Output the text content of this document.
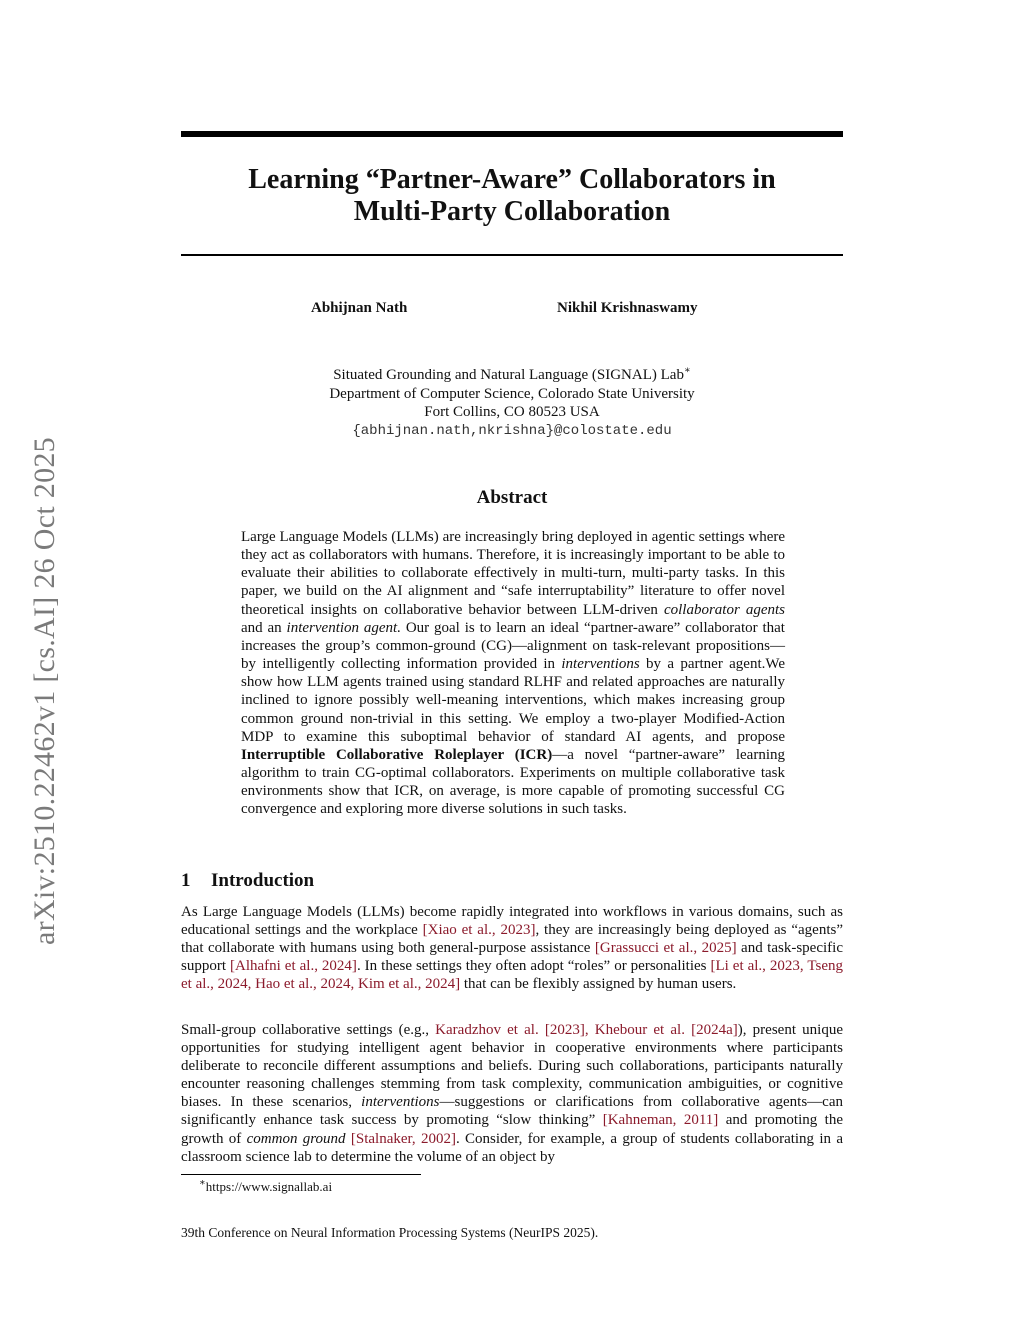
arXiv:2510.22462v1 [cs.AI] 26 Oct 2025
Learning “Partner-Aware” Collaborators in
Multi-Party Collaboration
Abhijnan Nath	Nikhil Krishnaswamy
Situated Grounding and Natural Language (SIGNAL) Lab∗
Department of Computer Science, Colorado State University
Fort Collins, CO 80523 USA
{abhijnan.nath,nkrishna}@colostate.edu
Abstract

Large Language Models (LLMs) are increasingly bring deployed in agentic settings where they act as collaborators with humans. Therefore, it is increasingly important to be able to evaluate their abilities to collaborate effectively in multi-turn, multi-party tasks. In this paper, we build on the AI alignment and “safe interruptability” literature to offer novel theoretical insights on collaborative behavior between LLM-driven collaborator agents and an intervention agent. Our goal is to learn an ideal “partner-aware” collaborator that increases the group’s common-ground (CG)—alignment on task-relevant propositions—by intelligently collecting information provided in interventions by a partner agent.We show how LLM agents trained using standard RLHF and related approaches are naturally inclined to ignore possibly well-meaning interventions, which makes increasing group common ground non-trivial in this setting. We employ a two-player Modified-Action MDP to examine this suboptimal behavior of standard AI agents, and propose Interruptible Collaborative Roleplayer (ICR)—a novel “partner-aware” learning algorithm to train CG-optimal collaborators. Experiments on multiple collaborative task environments show that ICR, on average, is more capable of promoting successful CG convergence and exploring more diverse solutions in such tasks.

1 Introduction

As Large Language Models (LLMs) become rapidly integrated into workflows in various domains, such as educational settings and the workplace [Xiao et al., 2023], they are increasingly being deployed as “agents” that collaborate with humans using both general-purpose assistance [Grassucci et al., 2025] and task-specific support [Alhafni et al., 2024]. In these settings they often adopt “roles” or personalities [Li et al., 2023, Tseng et al., 2024, Hao et al., 2024, Kim et al., 2024] that can be flexibly assigned by human users.

Small-group collaborative settings (e.g., Karadzhov et al. [2023], Khebour et al. [2024a]), present unique opportunities for studying intelligent agent behavior in cooperative environments where participants deliberate to reconcile different assumptions and beliefs. During such collaborations, participants naturally encounter reasoning challenges stemming from task complexity, communication ambiguities, or cognitive biases. In these scenarios, interventions—suggestions or clarifications from collaborative agents—can significantly enhance task success by promoting “slow thinking” [Kahneman, 2011] and promoting the growth of common ground [Stalnaker, 2002]. Consider, for example, a group of students collaborating in a classroom science lab to determine the volume of an object by

∗https://www.signallab.ai
39th Conference on Neural Information Processing Systems (NeurIPS 2025).
